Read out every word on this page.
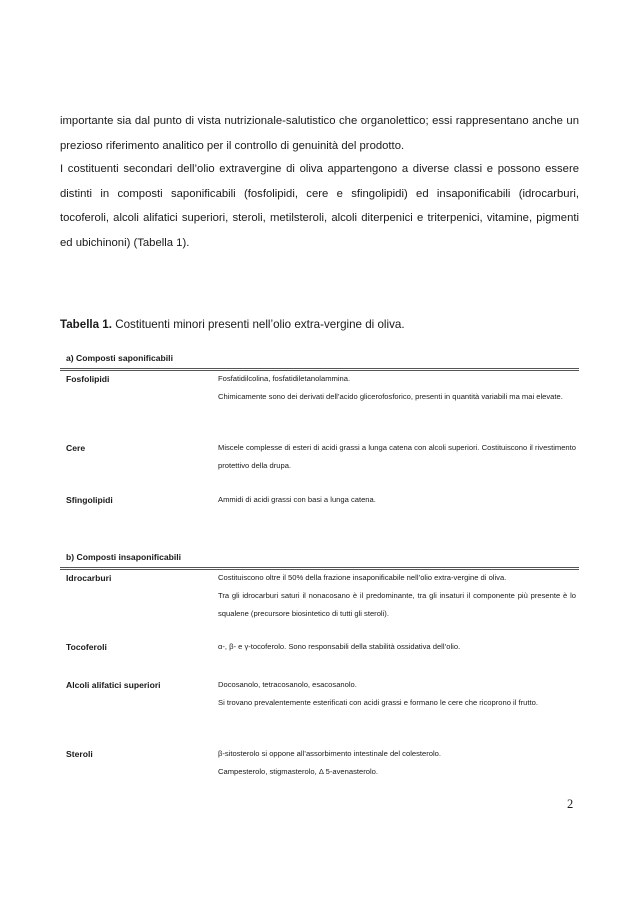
importante sia dal punto di vista nutrizionale-salutistico che organolettico; essi rappresentano anche un prezioso riferimento analitico per il controllo di genuinità del prodotto.

I costituenti secondari dell’olio extravergine di oliva appartengono a diverse classi e possono essere distinti in composti saponificabili (fosfolipidi, cere e sfingolipidi) ed insaponificabili (idrocarburi, tocoferoli, alcoli alifatici superiori, steroli, metilsteroli, alcoli diterpenici e triterpenici, vitamine, pigmenti ed ubichinoni) (Tabella 1).

Tabella 1. Costituenti minori presenti nell’olio extra-vergine di oliva.
a) Composti saponificabili
Fosfolipidi	Fosfatidilcolina, fosfatidiletanolammina.
Chimicamente sono dei derivati dell’acido glicerofosforico, presenti in quantità variabili ma mai elevate.
Cere	Miscele complesse di esteri di acidi grassi a lunga catena con alcoli superiori. Costituiscono il rivestimento protettivo della drupa.
Sfingolipidi	Ammidi di acidi grassi con basi a lunga catena.
b) Composti insaponificabili
Idrocarburi	Costituiscono oltre il 50% della frazione insaponificabile nell’olio extra-vergine di oliva.
Tra gli idrocarburi saturi il nonacosano è il predominante, tra gli insaturi il componente più presente è lo squalene (precursore biosintetico di tutti gli steroli).
Tocoferoli	α-, β- e γ-tocoferolo. Sono responsabili della stabilità ossidativa dell’olio.
Alcoli alifatici superiori	Docosanolo, tetracosanolo, esacosanolo.
Si trovano prevalentemente esterificati con acidi grassi e formano le cere che ricoprono il frutto.
Steroli	β-sitosterolo si oppone all’assorbimento intestinale del colesterolo.
Campesterolo, stigmasterolo, Δ 5-avenasterolo.
2
